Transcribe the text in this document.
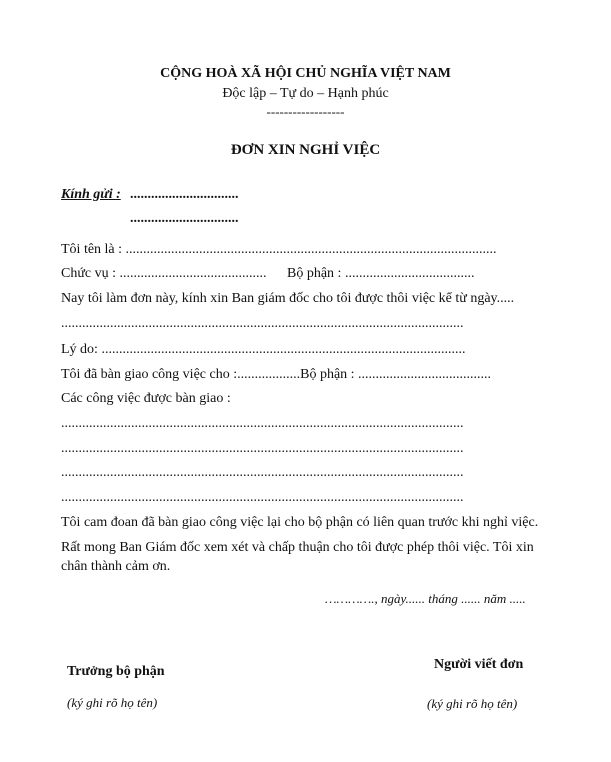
CỘNG HOÀ XÃ HỘI CHỦ NGHĨA VIỆT NAM
Độc lập – Tự do – Hạnh phúc
------------------
ĐƠN XIN NGHỈ VIỆC
Kính gửi : ...............................
...............................
Tôi tên là : ..........................................................................................................
Chức vụ : .......................................... Bộ phận : .....................................
Nay tôi làm đơn này, kính xin Ban giám đốc cho tôi được thôi việc kể từ ngày.....
...................................................................................................................
Lý do: ........................................................................................................
Tôi đã bàn giao công việc cho :..................Bộ phận : ......................................
Các công việc được bàn giao :
...................................................................................................................
...................................................................................................................
...................................................................................................................
...................................................................................................................
Tôi cam đoan đã bàn giao công việc lại cho bộ phận có liên quan trước khi nghỉ việc.
Rất mong Ban Giám đốc xem xét và chấp thuận cho tôi được phép thôi việc. Tôi xin
chân thành cảm ơn.
…………., ngày...... tháng ...... năm .....
Trưởng bộ phận
(ký ghi rõ họ tên)
Người viết đơn
(ký ghi rõ họ tên)
